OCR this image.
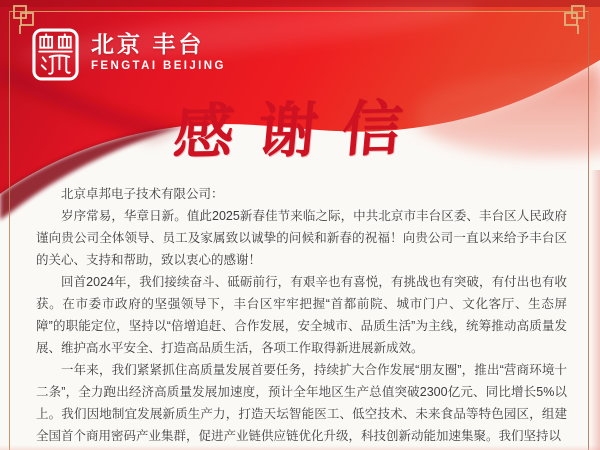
北京 丰台
FENGTAI BEIJING
感谢信

北京卓邦电子技术有限公司：

岁序常易，华章日新。值此2025新春佳节来临之际，中共北京市丰台区委、丰台区人民政府谨向贵公司全体领导、员工及家属致以诚挚的问候和新春的祝福！向贵公司一直以来给予丰台区的关心、支持和帮助，致以衷心的感谢！

回首2024年，我们接续奋斗、砥砺前行，有艰辛也有喜悦，有挑战也有突破，有付出也有收获。在市委市政府的坚强领导下，丰台区牢牢把握“首都前院、城市门户、文化客厅、生态屏障”的职能定位，坚持以“倍增追赶、合作发展，安全城市、品质生活”为主线，统筹推动高质量发展、维护高水平安全、打造高品质生活，各项工作取得新进展新成效。

一年来，我们紧紧抓住高质量发展首要任务，持续扩大合作发展“朋友圈”，推出“营商环境十二条”，全力跑出经济高质量发展加速度，预计全年地区生产总值突破2300亿元、同比增长5%以上。我们因地制宜发展新质生产力，打造天坛智能医工、低空技术、未来食品等特色园区，组建全国首个商用密码产业集群，促进产业链供应链优化升级，科技创新动能加速集聚。我们坚持以
